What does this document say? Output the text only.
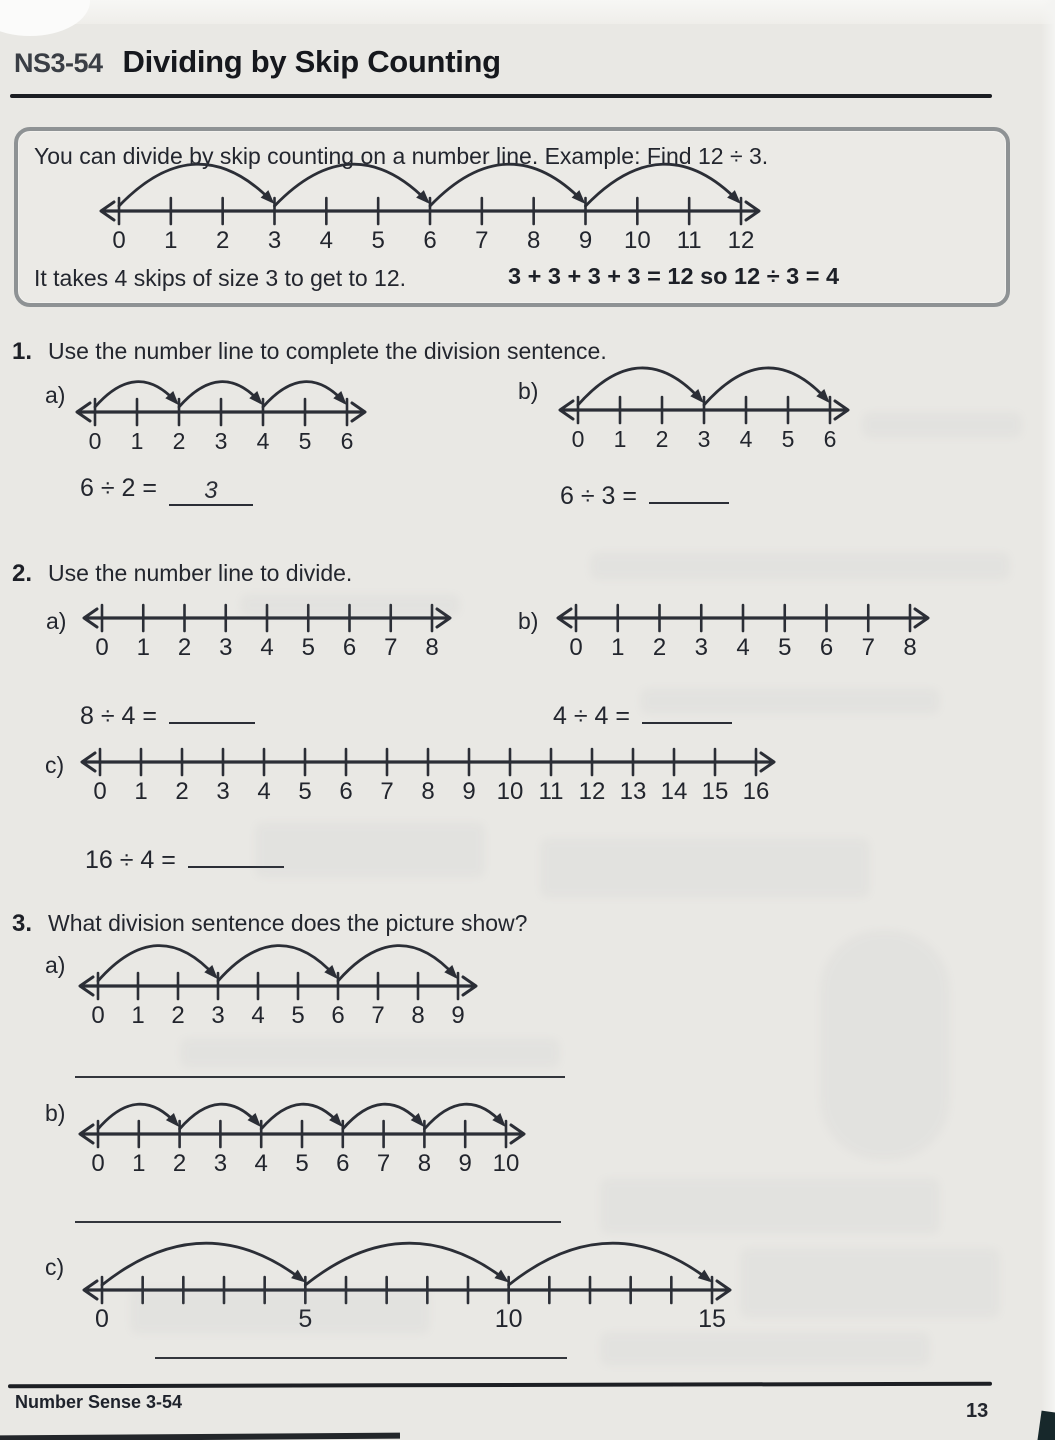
NS3-54 Dividing by Skip Counting
You can divide by skip counting on a number line. Example: Find 12 ÷ 3.
0 1 2 3 4 5 6 7 8 9 10 11 12
It takes 4 skips of size 3 to get to 12.	3 + 3 + 3 + 3 = 12 so 12 ÷ 3 = 4
1. Use the number line to complete the division sentence.
a)
0 1 2 3 4 5 6
b)
0 1 2 3 4 5 6
6 ÷ 2 =	3	6 ÷ 3 =
2. Use the number line to divide.
a)
0 1 2 3 4 5 6 7 8
b)
0 1 2 3 4 5 6 7 8
8 ÷ 4 =	4 ÷ 4 =
c)
0 1 2 3 4 5 6 7 8 9 10 11 12 13 14 15 16
16 ÷ 4 =
3. What division sentence does the picture show?
a)
0 1 2 3 4 5 6 7 8 9
b)
0 1 2 3 4 5 6 7 8 9 10
c)
0	5	10	15
Number Sense 3-54	13
